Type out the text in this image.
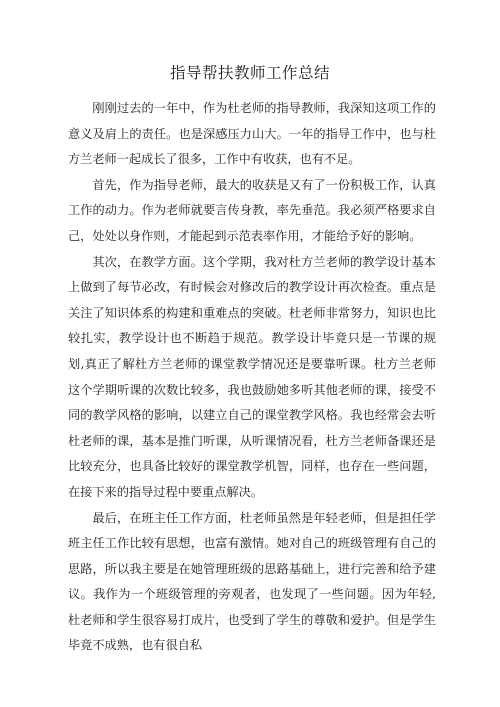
指导帮扶教师工作总结

刚刚过去的一年中，作为杜老师的指导教师，我深知这项工作的意义及肩上的责任。也是深感压力山大。一年的指导工作中，也与杜方兰老师一起成长了很多，工作中有收获，也有不足。

首先，作为指导老师，最大的收获是又有了一份积极工作，认真工作的动力。作为老师就要言传身教，率先垂范。我必须严格要求自己，处处以身作则，才能起到示范表率作用，才能给予好的影响。

其次，在教学方面。这个学期，我对杜方兰老师的教学设计基本上做到了每节必改，有时候会对修改后的教学设计再次检查。重点是关注了知识体系的构建和重难点的突破。杜老师非常努力，知识也比较扎实，教学设计也不断趋于规范。教学设计毕竟只是一节课的规划,真正了解杜方兰老师的课堂教学情况还是要靠听课。杜方兰老师这个学期听课的次数比较多，我也鼓励她多听其他老师的课，接受不同的教学风格的影响，以建立自己的课堂教学风格。我也经常会去听杜老师的课，基本是推门听课，从听课情况看，杜方兰老师备课还是比较充分，也具备比较好的课堂教学机智，同样，也存在一些问题，在接下来的指导过程中要重点解决。

最后，在班主任工作方面，杜老师虽然是年轻老师，但是担任学班主任工作比较有思想，也富有激情。她对自己的班级管理有自己的思路，所以我主要是在她管理班级的思路基础上，进行完善和给予建议。我作为一个班级管理的旁观者，也发现了一些问题。因为年轻,杜老师和学生很容易打成片，也受到了学生的尊敬和爱护。但是学生毕竟不成熟，也有很自私
